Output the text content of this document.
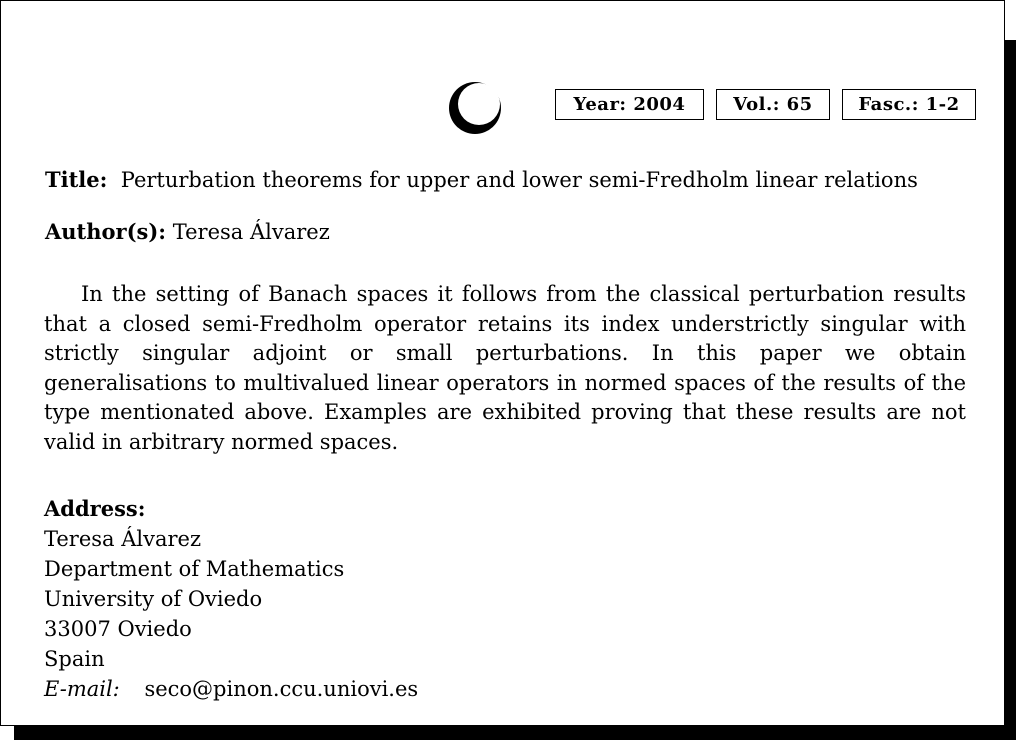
Year: 2004	Vol.: 65	Fasc.: 1-2
Title: Perturbation theorems for upper and lower semi-Fredholm linear relations
Author(s): Teresa Álvarez

In the setting of Banach spaces it follows from the classical perturbation results that a closed semi-Fredholm operator retains its index understrictly singular with strictly singular adjoint or small perturbations. In this paper we obtain generalisations to multivalued linear operators in normed spaces of the results of the type mentionated above. Examples are exhibited proving that these results are not valid in arbitrary normed spaces.

Address:
Teresa Álvarez
Department of Mathematics
University of Oviedo
33007 Oviedo
Spain
E-mail: seco@pinon.ccu.uniovi.es
